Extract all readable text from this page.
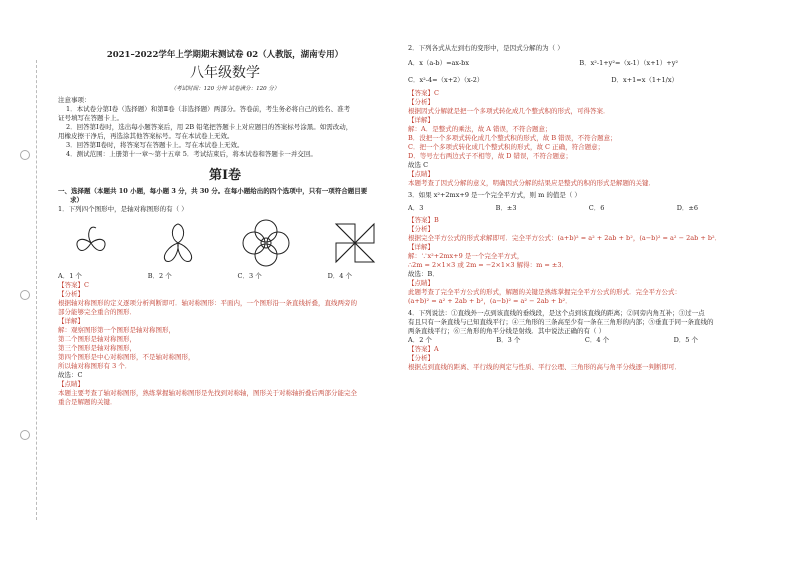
2021–2022学年上学期期末测试卷 02（人教版，湖南专用）
八年级数学
（考试时间：120 分钟 试卷满分：120 分）
注意事项：
1．本试卷分第Ⅰ卷（选择题）和第Ⅱ卷（非选择题）两部分。答卷前，考生务必将自己的姓名、准考
证号填写在答题卡上。
2．回答第Ⅰ卷时，选出每小题答案后，用 2B 铅笔把答题卡上对应题目的答案标号涂黑。如需改动，
用橡皮擦干净后，再选涂其他答案标号。写在本试卷上无效。
3．回答第Ⅱ卷时，将答案写在答题卡上。写在本试卷上无效。
4．测试范围：上册第十一章～第十五章 5．考试结束后，将本试卷和答题卡一并交回。
第Ⅰ卷
一、选择题（本题共 10 小题，每小题 3 分，共 30 分。在每小题给出的四个选项中，只有一项符合题目要
求）
1．下列四个图形中，是轴对称图形的有（ ）
A．1 个	B．2 个	C．3 个	D．4 个
【答案】C
【分析】
根据轴对称图形的定义逐项分析判断即可．轴对称图形：平面内，一个图形沿一条直线折叠，直线两旁的
部分能够完全重合的图形．
【详解】
解：观察图形第一个图形是轴对称图形，
第二个图形是轴对称图形，
第三个图形是轴对称图形，
第四个图形是中心对称图形，不是轴对称图形，
所以轴对称图形有 3 个．
故选：C
【点睛】
本题主要考查了轴对称图形，熟练掌握轴对称图形是先找到对称轴，图形关于对称轴折叠后两部分能完全
重合是解题的关键．
2．下列各式从左到右的变形中，是因式分解的为（ ）
A．x（a-b）=ax-bx	B．x²-1+y²=（x-1）（x+1）+y²
C．x²-4=（x+2）（x-2）	D．x+1=x（1+1/x）
【答案】C
【分析】
根据因式分解就是把一个多项式转化成几个整式积的形式，可得答案．
【详解】
解：A．是整式的乘法，故 A 错误，不符合题意；
B．没把一个多项式转化成几个整式积的形式，故 B 错误，不符合题意；
C．把一个多项式转化成几个整式积的形式，故 C 正确，符合题意；
D．等号左右两边式子不相等，故 D 错误，不符合题意；
故选 C
【点睛】
本题考查了因式分解的意义，明确因式分解的结果应是整式的积的形式是解题的关键．
3．如果 x²+2mx+9 是一个完全平方式，则 m 的值是（ ）
A．3	B．±3	C．6	D．±6
【答案】B
【分析】
根据完全平方公式的形式求解即可．完全平方公式：(a+b)² = a² + 2ab + b²，(a−b)² = a² − 2ab + b²．
【详解】
解：∵x²+2mx+9 是一个完全平方式，
∴2m = 2×1×3 或 2m = −2×1×3 解得：m = ±3．
故选：B．
【点睛】
此题考查了完全平方公式的形式，解题的关键是熟练掌握完全平方公式的形式．完全平方公式：
(a+b)² = a² + 2ab + b²，(a−b)² = a² − 2ab + b²．
4．下列说法：①直线外一点到该直线的垂线段，是这个点到该直线的距离；②同旁内角互补；③过一点
有且只有一条直线与已知直线平行；④三角形的三条高至少有一条在三角形的内部；⑤垂直于同一条直线的
两条直线平行；⑥三角形的角平分线是射线．其中说法正确的有（ ）
A．2 个	B．3 个	C．4 个	D．5 个
【答案】A
【分析】
根据点到直线的距离、平行线的判定与性质、平行公理、三角形的高与角平分线逐一判断即可．
